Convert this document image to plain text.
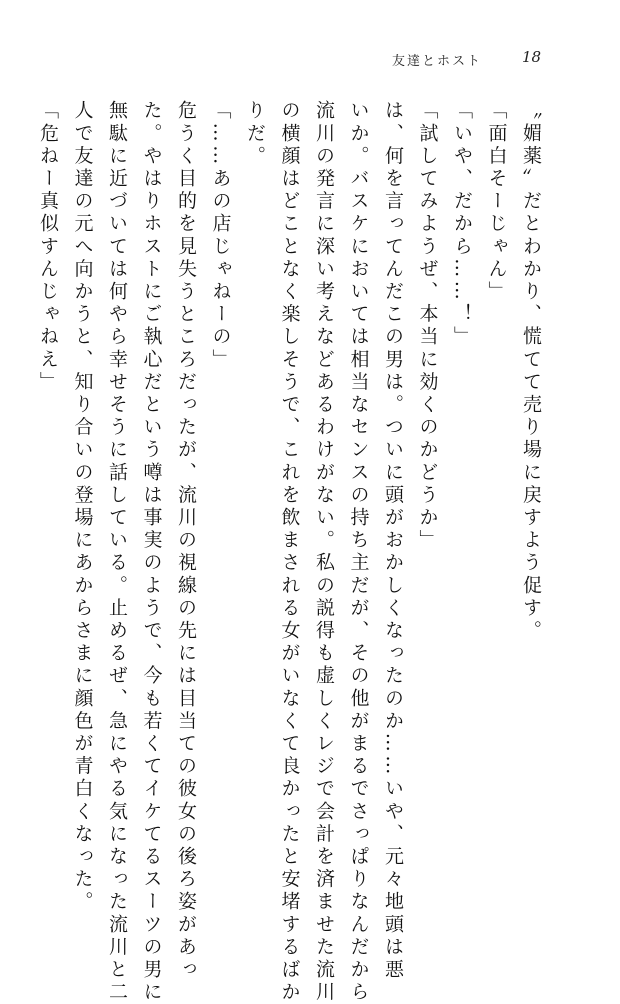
友達とホスト	18
〝媚薬〟だとわかり、慌てて売り場に戻すよう促す。
「面白そーじゃん」
「いや、だから……！」
「試してみようぜ、本当に効くのかどうか」
は、何を言ってんだこの男は。ついに頭がおかしくなったのか……いや、元々地頭は悪
いか。バスケにおいては相当なセンスの持ち主だが、その他がまるでさっぱりなんだから
流川の発言に深い考えなどあるわけがない。私の説得も虚しくレジで会計を済ませた流川
の横顔はどことなく楽しそうで、これを飲まされる女がいなくて良かったと安堵するばか
りだ。
「……あの店じゃねーの」
危うく目的を見失うところだったが、流川の視線の先には目当ての彼女の後ろ姿があっ
た。やはりホストにご執心だという噂は事実のようで、今も若くてイケてるスーツの男に
無駄に近づいては何やら幸せそうに話している。止めるぜ、急にやる気になった流川と二
人で友達の元へ向かうと、知り合いの登場にあからさまに顔色が青白くなった。
「危ねー真似すんじゃねえ」
